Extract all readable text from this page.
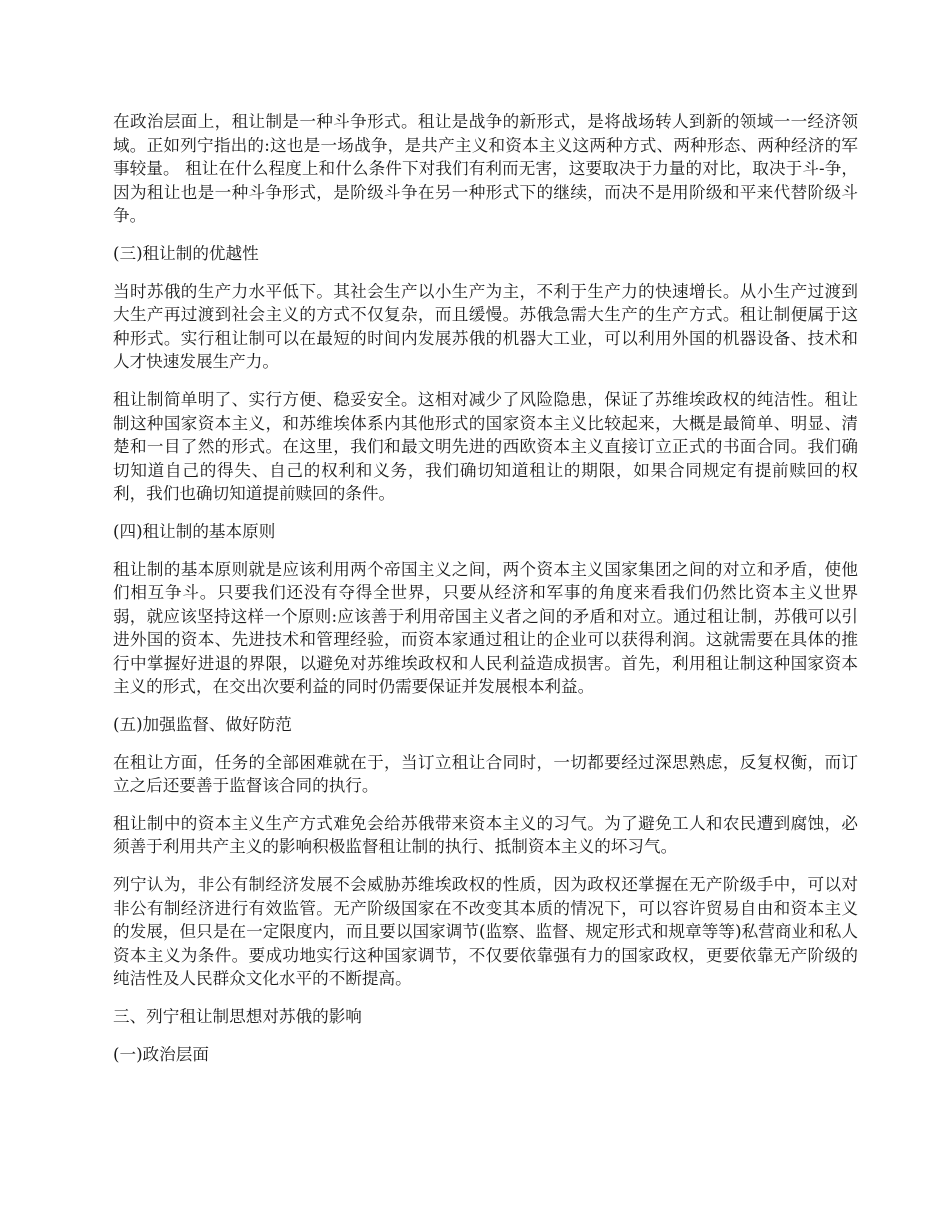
在政治层面上，租让制是一种斗争形式。租让是战争的新形式，是将战场转人到新的领域一一经济领域。正如列宁指出的:这也是一场战争，是共产主义和资本主义这两种方式、两种形态、两种经济的军事较量。 租让在什么程度上和什么条件下对我们有利而无害，这要取决于力量的对比，取决于斗-争，因为租让也是一种斗争形式，是阶级斗争在另一种形式下的继续，而决不是用阶级和平来代替阶级斗争。

(三)租让制的优越性

当时苏俄的生产力水平低下。其社会生产以小生产为主，不利于生产力的快速增长。从小生产过渡到大生产再过渡到社会主义的方式不仅复杂，而且缓慢。苏俄急需大生产的生产方式。租让制便属于这种形式。实行租让制可以在最短的时间内发展苏俄的机器大工业，可以利用外国的机器设备、技术和人才快速发展生产力。

租让制简单明了、实行方便、稳妥安全。这相对减少了风险隐患，保证了苏维埃政权的纯洁性。租让制这种国家资本主义，和苏维埃体系内其他形式的国家资本主义比较起来，大概是最简单、明显、清楚和一目了然的形式。在这里，我们和最文明先进的西欧资本主义直接订立正式的书面合同。我们确切知道自己的得失、自己的权利和义务，我们确切知道租让的期限，如果合同规定有提前赎回的权利，我们也确切知道提前赎回的条件。

(四)租让制的基本原则

租让制的基本原则就是应该利用两个帝国主义之间，两个资本主义国家集团之间的对立和矛盾，使他们相互争斗。只要我们还没有夺得全世界，只要从经济和军事的角度来看我们仍然比资本主义世界弱，就应该坚持这样一个原则:应该善于利用帝国主义者之间的矛盾和对立。通过租让制，苏俄可以引进外国的资本、先进技术和管理经验，而资本家通过租让的企业可以获得利润。这就需要在具体的推行中掌握好进退的界限，以避免对苏维埃政权和人民利益造成损害。首先，利用租让制这种国家资本主义的形式，在交出次要利益的同时仍需要保证并发展根本利益。

(五)加强监督、做好防范

在租让方面，任务的全部困难就在于，当订立租让合同时，一切都要经过深思熟虑，反复权衡，而订立之后还要善于监督该合同的执行。

租让制中的资本主义生产方式难免会给苏俄带来资本主义的习气。为了避免工人和农民遭到腐蚀，必须善于利用共产主义的影响积极监督租让制的执行、抵制资本主义的坏习气。

列宁认为，非公有制经济发展不会威胁苏维埃政权的性质，因为政权还掌握在无产阶级手中，可以对非公有制经济进行有效监管。无产阶级国家在不改变其本质的情况下，可以容许贸易自由和资本主义的发展，但只是在一定限度内，而且要以国家调节(监察、监督、规定形式和规章等等)私营商业和私人资本主义为条件。要成功地实行这种国家调节，不仅要依靠强有力的国家政权，更要依靠无产阶级的纯洁性及人民群众文化水平的不断提高。

三、列宁租让制思想对苏俄的影响

(一)政治层面
